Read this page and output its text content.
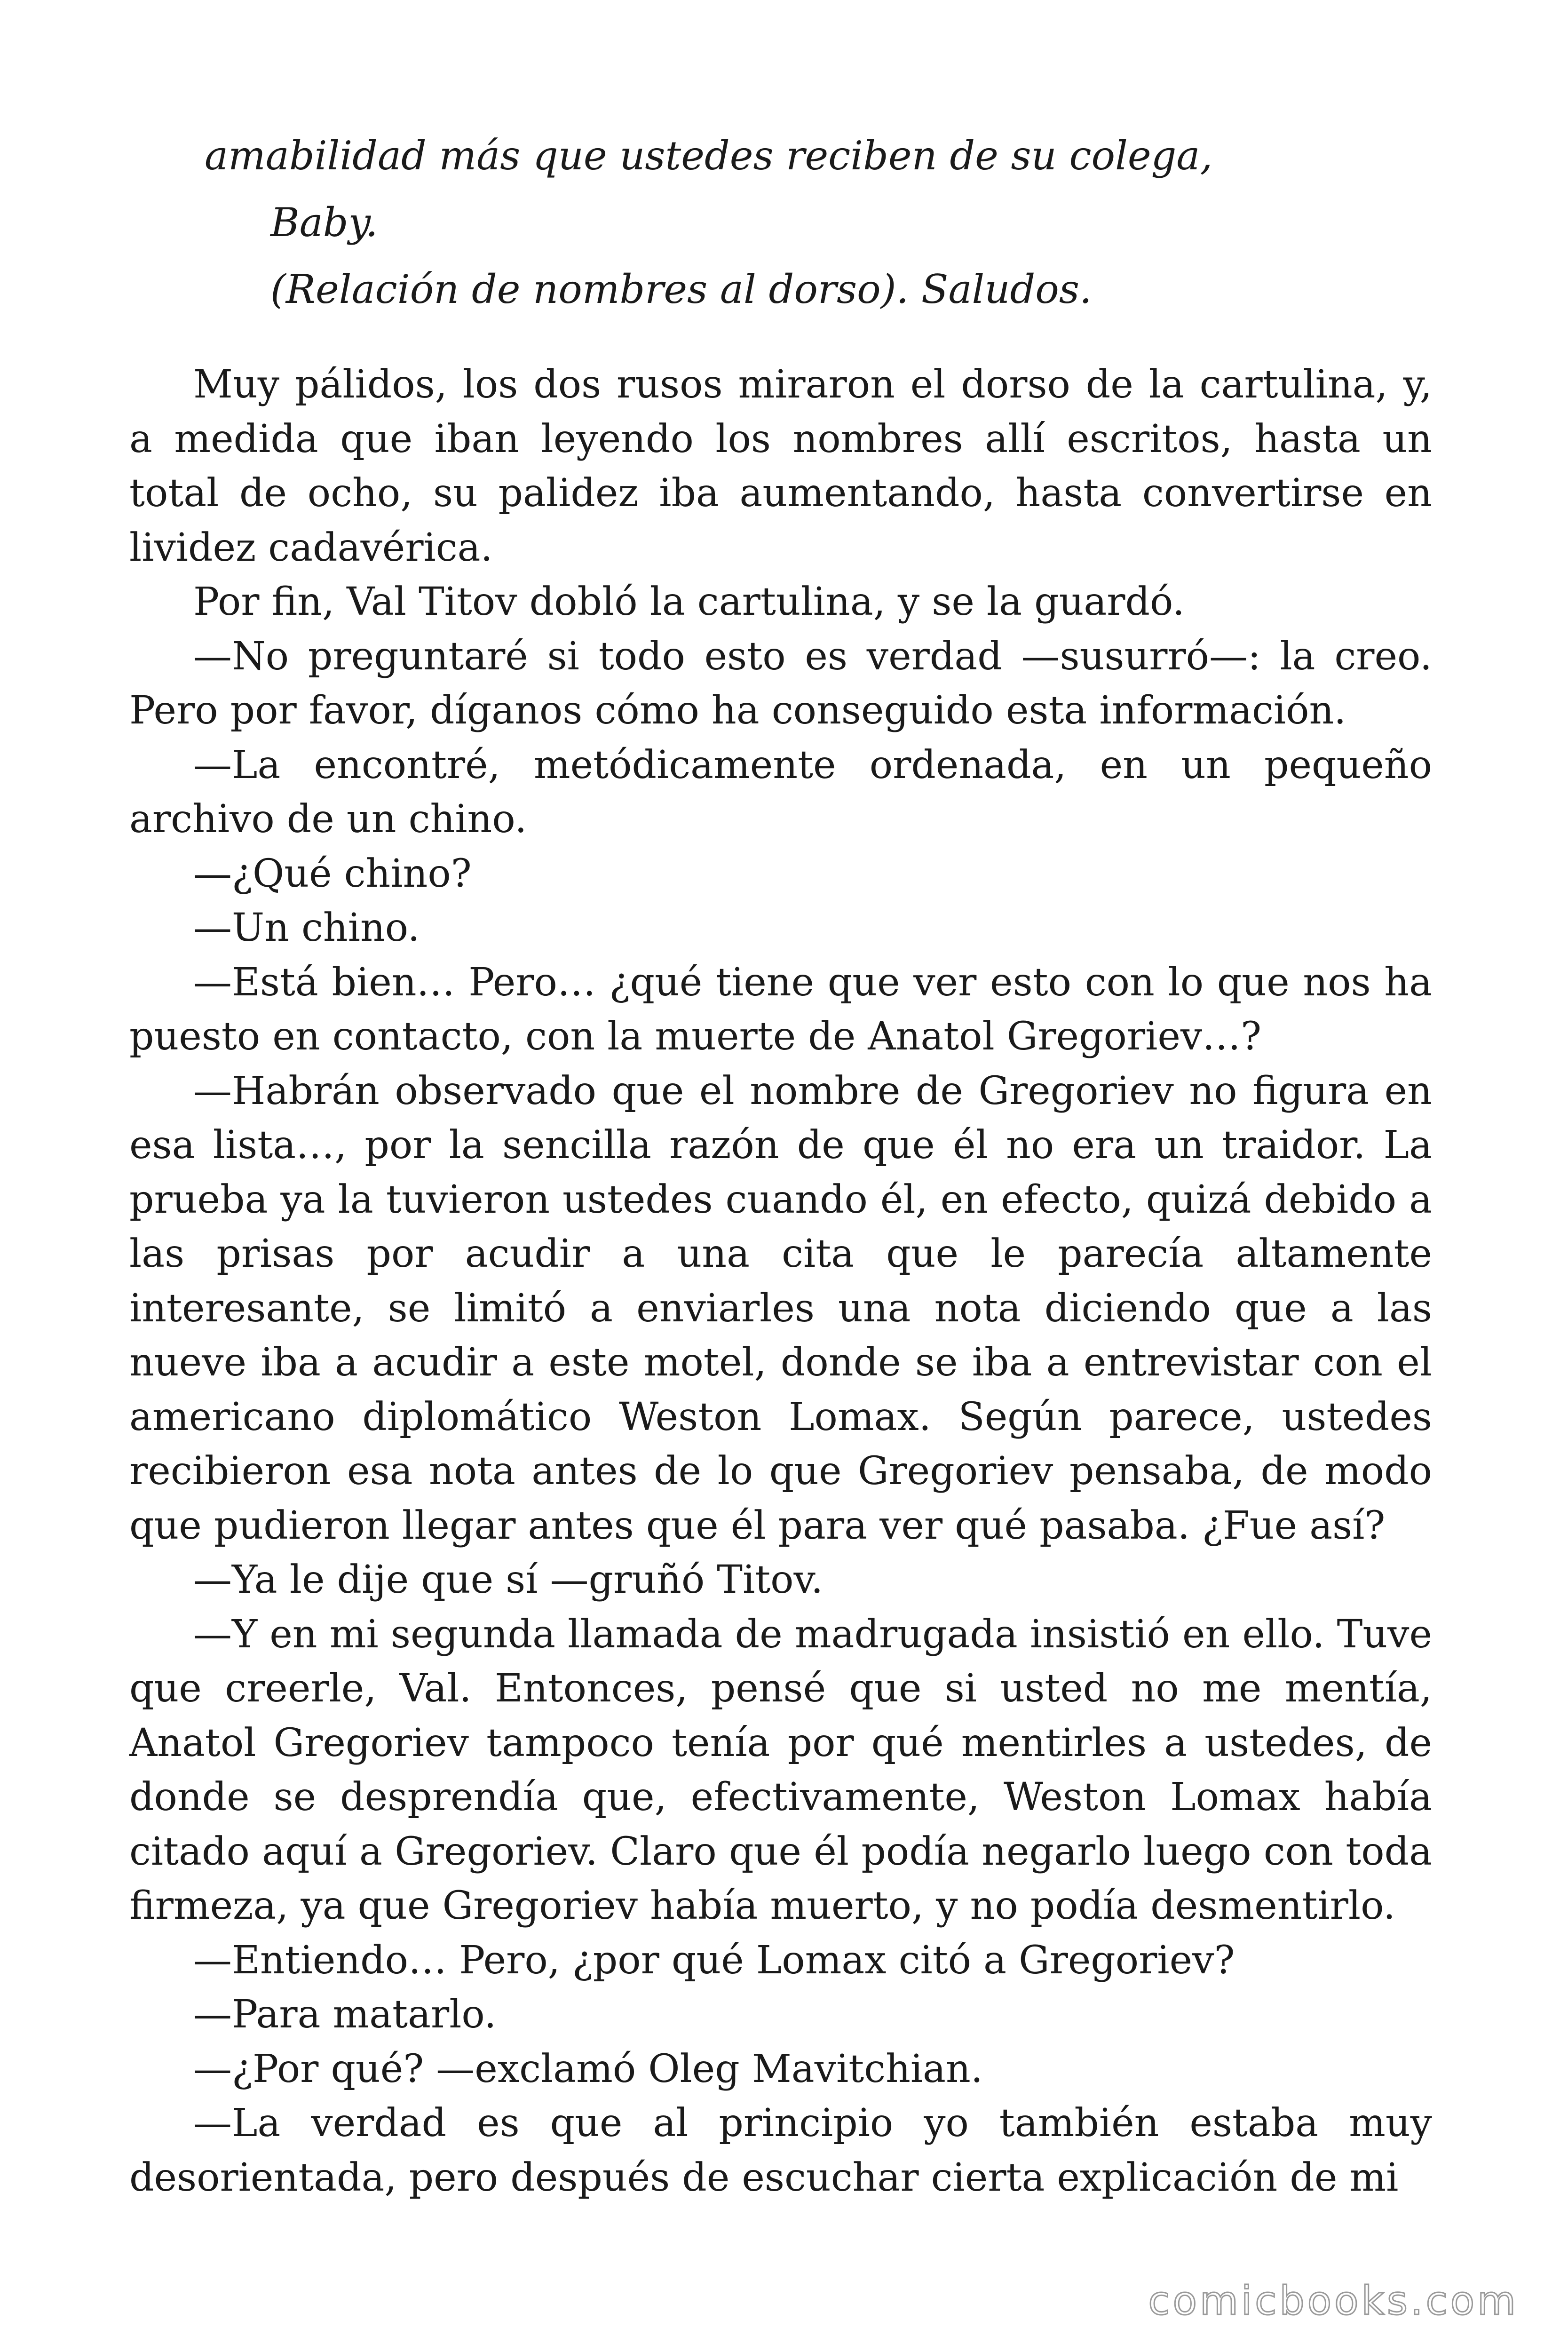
amabilidad más que ustedes reciben de su colega,
Baby.
(Relación de nombres al dorso). Saludos.

Muy pálidos, los dos rusos miraron el dorso de la cartulina, y, a medida que iban leyendo los nombres allí escritos, hasta un total de ocho, su palidez iba aumentando, hasta convertirse en lividez cadavérica.

Por fin, Val Titov dobló la cartulina, y se la guardó.

—No preguntaré si todo esto es verdad —susurró—: la creo. Pero por favor, díganos cómo ha conseguido esta información.

—La encontré, metódicamente ordenada, en un pequeño archivo de un chino.

—¿Qué chino?

—Un chino.

—Está bien… Pero… ¿qué tiene que ver esto con lo que nos ha puesto en contacto, con la muerte de Anatol Gregoriev…?

—Habrán observado que el nombre de Gregoriev no figura en esa lista…, por la sencilla razón de que él no era un traidor. La prueba ya la tuvieron ustedes cuando él, en efecto, quizá debido a las prisas por acudir a una cita que le parecía altamente interesante, se limitó a enviarles una nota diciendo que a las nueve iba a acudir a este motel, donde se iba a entrevistar con el americano diplomático Weston Lomax. Según parece, ustedes recibieron esa nota antes de lo que Gregoriev pensaba, de modo que pudieron llegar antes que él para ver qué pasaba. ¿Fue así?

—Ya le dije que sí —gruñó Titov.

—Y en mi segunda llamada de madrugada insistió en ello. Tuve que creerle, Val. Entonces, pensé que si usted no me mentía, Anatol Gregoriev tampoco tenía por qué mentirles a ustedes, de donde se desprendía que, efectivamente, Weston Lomax había citado aquí a Gregoriev. Claro que él podía negarlo luego con toda firmeza, ya que Gregoriev había muerto, y no podía desmentirlo.

—Entiendo… Pero, ¿por qué Lomax citó a Gregoriev?

—Para matarlo.

—¿Por qué? —exclamó Oleg Mavitchian.

—La verdad es que al principio yo también estaba muy desorientada, pero después de escuchar cierta explicación de mi

comicbooks.com
